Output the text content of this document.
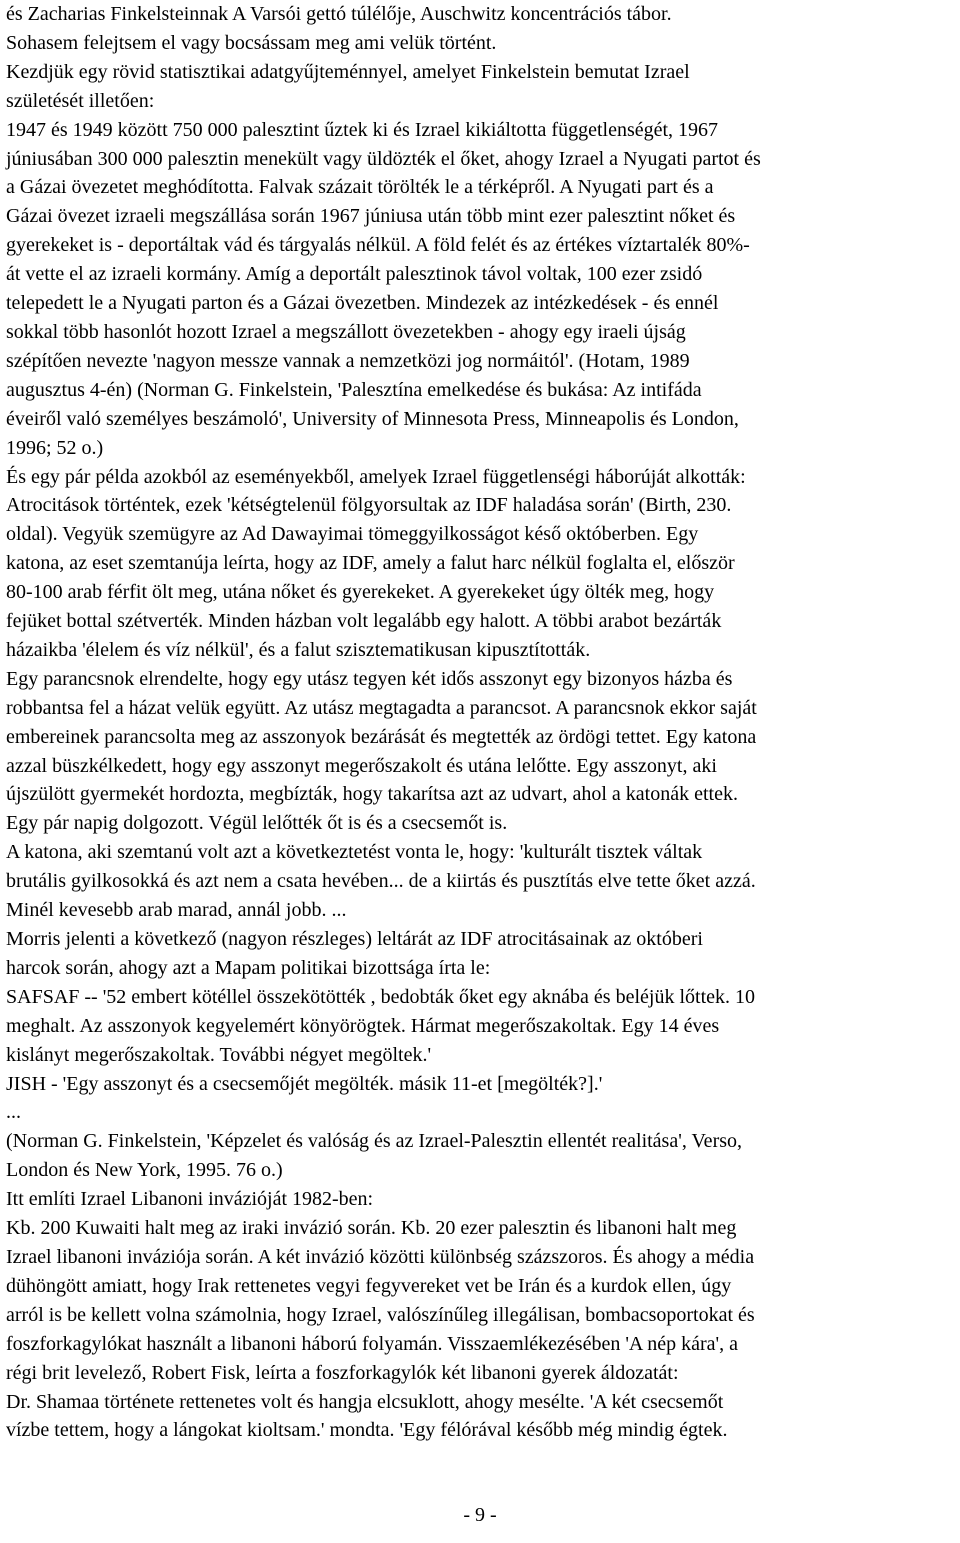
és Zacharias Finkelsteinnak A Varsói gettó túlélője, Auschwitz koncentrációs tábor.
Sohasem felejtsem el vagy bocsássam meg ami velük történt.
Kezdjük egy rövid statisztikai adatgyűjteménnyel, amelyet Finkelstein bemutat Izrael
születését illetően:
1947 és 1949 között 750 000 palesztint űztek ki és Izrael kikiáltotta függetlenségét, 1967
júniusában 300 000 palesztin menekült vagy üldözték el őket, ahogy Izrael a Nyugati partot és
a Gázai övezetet meghódította. Falvak százait törölték le a térképről. A Nyugati part és a
Gázai övezet izraeli megszállása során 1967 júniusa után több mint ezer palesztint nőket és
gyerekeket is - deportáltak vád és tárgyalás nélkül. A föld felét és az értékes víztartalék 80%-
át vette el az izraeli kormány. Amíg a deportált palesztinok távol voltak, 100 ezer zsidó
telepedett le a Nyugati parton és a Gázai övezetben. Mindezek az intézkedések - és ennél
sokkal több hasonlót hozott Izrael a megszállott övezetekben - ahogy egy iraeli újság
szépítően nevezte 'nagyon messze vannak a nemzetközi jog normáitól'. (Hotam, 1989
augusztus 4-én) (Norman G. Finkelstein, 'Palesztína emelkedése és bukása: Az intifáda
éveiről való személyes beszámoló', University of Minnesota Press, Minneapolis és London,
1996; 52 o.)
És egy pár példa azokból az eseményekből, amelyek Izrael függetlenségi háborúját alkották:
Atrocitások történtek, ezek 'kétségtelenül fölgyorsultak az IDF haladása során' (Birth, 230.
oldal). Vegyük szemügyre az Ad Dawayimai tömeggyilkosságot késő októberben. Egy
katona, az eset szemtanúja leírta, hogy az IDF, amely a falut harc nélkül foglalta el, először
80-100 arab férfit ölt meg, utána nőket és gyerekeket. A gyerekeket úgy ölték meg, hogy
fejüket bottal szétverték. Minden házban volt legalább egy halott. A többi arabot bezárták
házaikba 'élelem és víz nélkül', és a falut szisztematikusan kipusztították.
Egy parancsnok elrendelte, hogy egy utász tegyen két idős asszonyt egy bizonyos házba és
robbantsa fel a házat velük együtt. Az utász megtagadta a parancsot. A parancsnok ekkor saját
embereinek parancsolta meg az asszonyok bezárását és megtették az ördögi tettet. Egy katona
azzal büszkélkedett, hogy egy asszonyt megerőszakolt és utána lelőtte. Egy asszonyt, aki
újszülött gyermekét hordozta, megbízták, hogy takarítsa azt az udvart, ahol a katonák ettek.
Egy pár napig dolgozott. Végül lelőtték őt is és a csecsemőt is.
A katona, aki szemtanú volt azt a következtetést vonta le, hogy: 'kulturált tisztek váltak
brutális gyilkosokká és azt nem a csata hevében... de a kiirtás és pusztítás elve tette őket azzá.
Minél kevesebb arab marad, annál jobb. ...
Morris jelenti a következő (nagyon részleges) leltárát az IDF atrocitásainak az októberi
harcok során, ahogy azt a Mapam politikai bizottsága írta le:
SAFSAF -- '52 embert kötéllel összekötötték , bedobták őket egy aknába és beléjük lőttek. 10
meghalt. Az asszonyok kegyelemért könyörögtek. Hármat megerőszakoltak. Egy 14 éves
kislányt megerőszakoltak. További négyet megöltek.'
JISH - 'Egy asszonyt és a csecsemőjét megölték. másik 11-et [megölték?].'
...
(Norman G. Finkelstein, 'Képzelet és valóság és az Izrael-Palesztin ellentét realitása', Verso,
London és New York, 1995. 76 o.)
Itt említi Izrael Libanoni invázióját 1982-ben:
Kb. 200 Kuwaiti halt meg az iraki invázió során. Kb. 20 ezer palesztin és libanoni halt meg
Izrael libanoni inváziója során. A két invázió közötti különbség százszoros. És ahogy a média
dühöngött amiatt, hogy Irak rettenetes vegyi fegyvereket vet be Irán és a kurdok ellen, úgy
arról is be kellett volna számolnia, hogy Izrael, valószínűleg illegálisan, bombacsoportokat és
foszforkagylókat használt a libanoni háború folyamán. Visszaemlékezésében 'A nép kára', a
régi brit levelező, Robert Fisk, leírta a foszforkagylók két libanoni gyerek áldozatát:
Dr. Shamaa története rettenetes volt és hangja elcsuklott, ahogy mesélte. 'A két csecsemőt
vízbe tettem, hogy a lángokat kioltsam.' mondta. 'Egy félórával később még mindig égtek.
- 9 -
